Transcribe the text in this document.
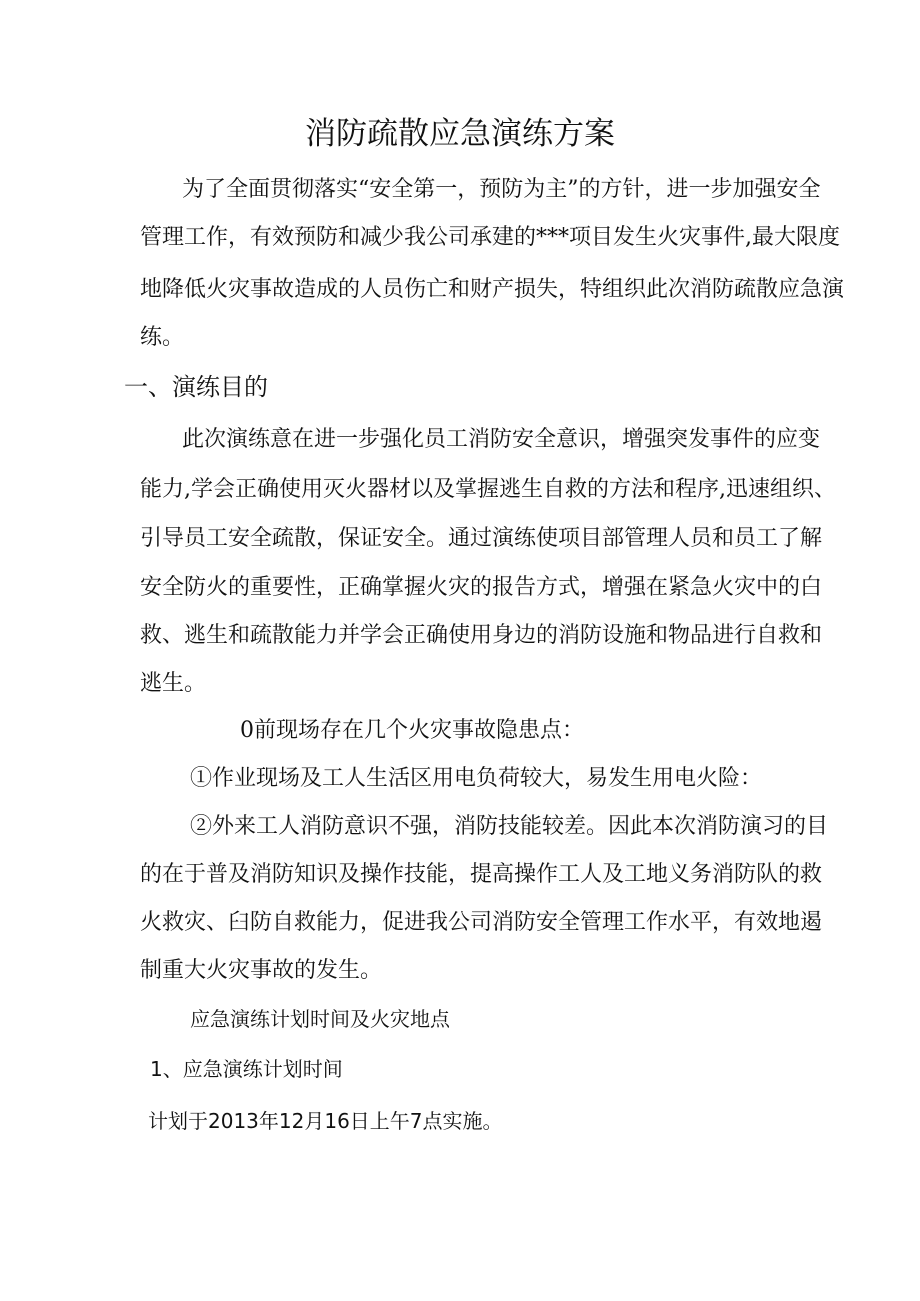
消防疏散应急演练方案
为了全面贯彻落实“安全第一，预防为主”的方针，进一步加强安全
管理工作，有效预防和减少我公司承建的***项目发生火灾事件,最大限度
地降低火灾事故造成的人员伤亡和财产损失，特组织此次消防疏散应急演
练。
一、演练目的
此次演练意在进一步强化员工消防安全意识，增强突发事件的应变
能力,学会正确使用灭火器材以及掌握逃生自救的方法和程序,迅速组织、
引导员工安全疏散，保证安全。通过演练使项目部管理人员和员工了解
安全防火的重要性，正确掌握火灾的报告方式，增强在紧急火灾中的白
救、逃生和疏散能力并学会正确使用身边的消防设施和物品进行自救和
逃生。
0前现场存在几个火灾事故隐患点：
①作业现场及工人生活区用电负荷较大，易发生用电火险：
②外来工人消防意识不强，消防技能较差。因此本次消防演习的目
的在于普及消防知识及操作技能，提高操作工人及工地义务消防队的救
火救灾、臼防自救能力，促进我公司消防安全管理工作水平，有效地遏
制重大火灾事故的发生。
应急演练计划时间及火灾地点
1、应急演练计划时间
计划于2013年12月16日上午7点实施。
